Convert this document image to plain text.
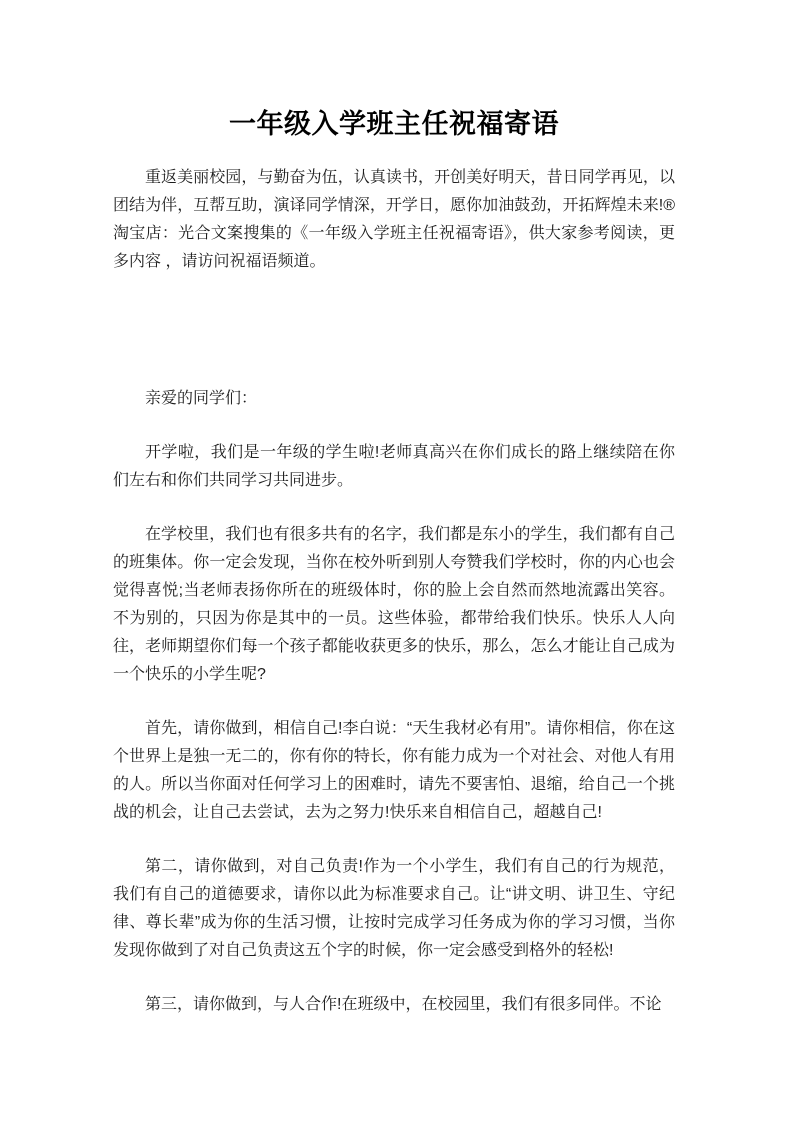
一年级入学班主任祝福寄语

重返美丽校园，与勤奋为伍，认真读书，开创美好明天，昔日同学再见，以团结为伴，互帮互助，演译同学情深，开学日，愿你加油鼓劲，开拓辉煌未来!®淘宝店：光合文案搜集的《一年级入学班主任祝福寄语》，供大家参考阅读，更多内容 ，请访问祝福语频道。

亲爱的同学们：

开学啦，我们是一年级的学生啦!老师真高兴在你们成长的路上继续陪在你们左右和你们共同学习共同进步。

在学校里，我们也有很多共有的名字，我们都是东小的学生，我们都有自己的班集体。你一定会发现，当你在校外听到别人夸赞我们学校时，你的内心也会觉得喜悦;当老师表扬你所在的班级体时，你的脸上会自然而然地流露出笑容。不为别的，只因为你是其中的一员。这些体验，都带给我们快乐。快乐人人向往，老师期望你们每一个孩子都能收获更多的快乐，那么，怎么才能让自己成为一个快乐的小学生呢?

首先，请你做到，相信自己!李白说：“天生我材必有用”。请你相信，你在这个世界上是独一无二的，你有你的特长，你有能力成为一个对社会、对他人有用的人。所以当你面对任何学习上的困难时，请先不要害怕、退缩，给自己一个挑战的机会，让自己去尝试，去为之努力!快乐来自相信自己，超越自己!

第二，请你做到，对自己负责!作为一个小学生，我们有自己的行为规范，我们有自己的道德要求，请你以此为标准要求自己。让“讲文明、讲卫生、守纪律、尊长辈”成为你的生活习惯，让按时完成学习任务成为你的学习习惯，当你发现你做到了对自己负责这五个字的时候，你一定会感受到格外的轻松!

第三，请你做到，与人合作!在班级中，在校园里，我们有很多同伴。不论
